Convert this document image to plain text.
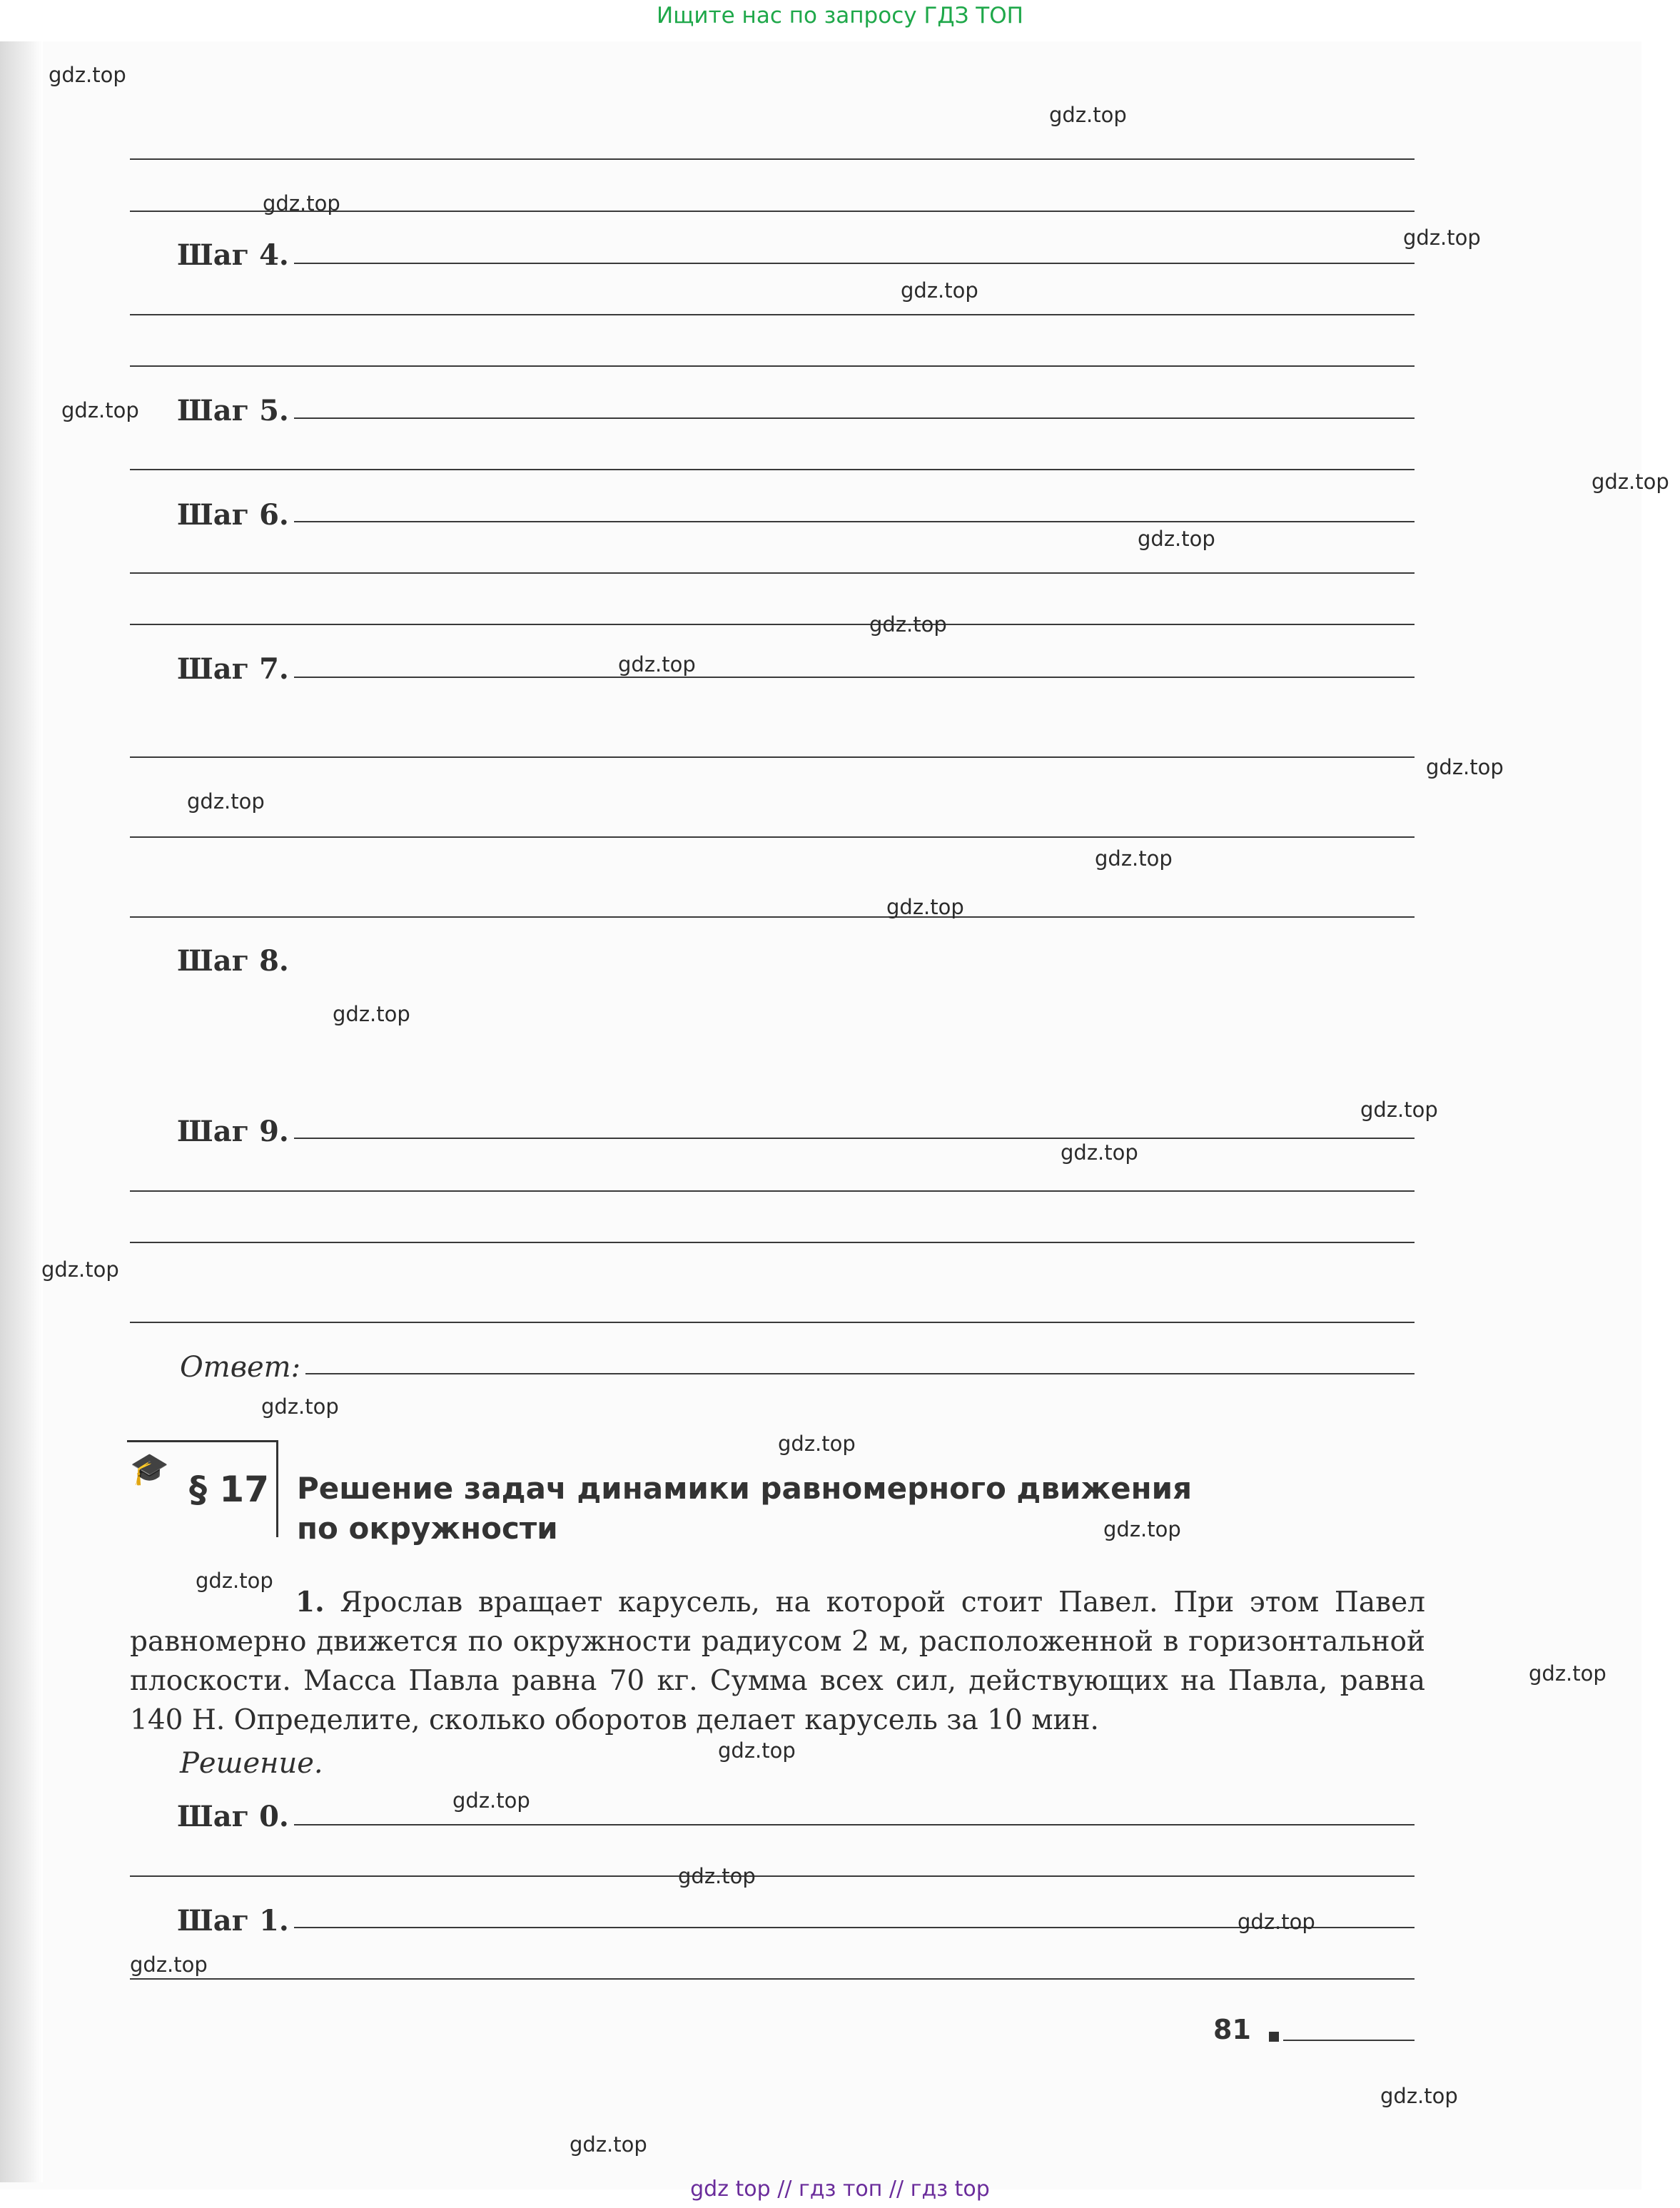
Ищите нас по запросу ГДЗ ТОП
Шаг 4.
Шаг 5.
Шаг 6.
Шаг 7.
Шаг 8.
Шаг 9.
Ответ:
🎓 § 17 Решение задач динамики равномерного движения
по окружности
1. Ярослав вращает карусель, на которой стоит Павел. При этом Павел равномерно движется по окружности радиусом 2 м, расположенной в горизонтальной плоскости. Масса Павла равна 70 кг. Сумма всех сил, действующих на Павла, равна 140 Н. Определите, сколько оборотов делает карусель за 10 мин.
Решение.
Шаг 0.
Шаг 1.
81
gdz.top
gdz.top
gdz.top
gdz.top
gdz.top
gdz.top
gdz.top
gdz.top
gdz.top
gdz.top
gdz.top
gdz.top
gdz.top
gdz.top
gdz.top
gdz.top
gdz.top
gdz.top
gdz.top
gdz.top
gdz.top
gdz.top
gdz.top
gdz.top
gdz.top
gdz.top
gdz.top
gdz.top
gdz.top
gdz.top
gdz top // гдз топ // гдз top
